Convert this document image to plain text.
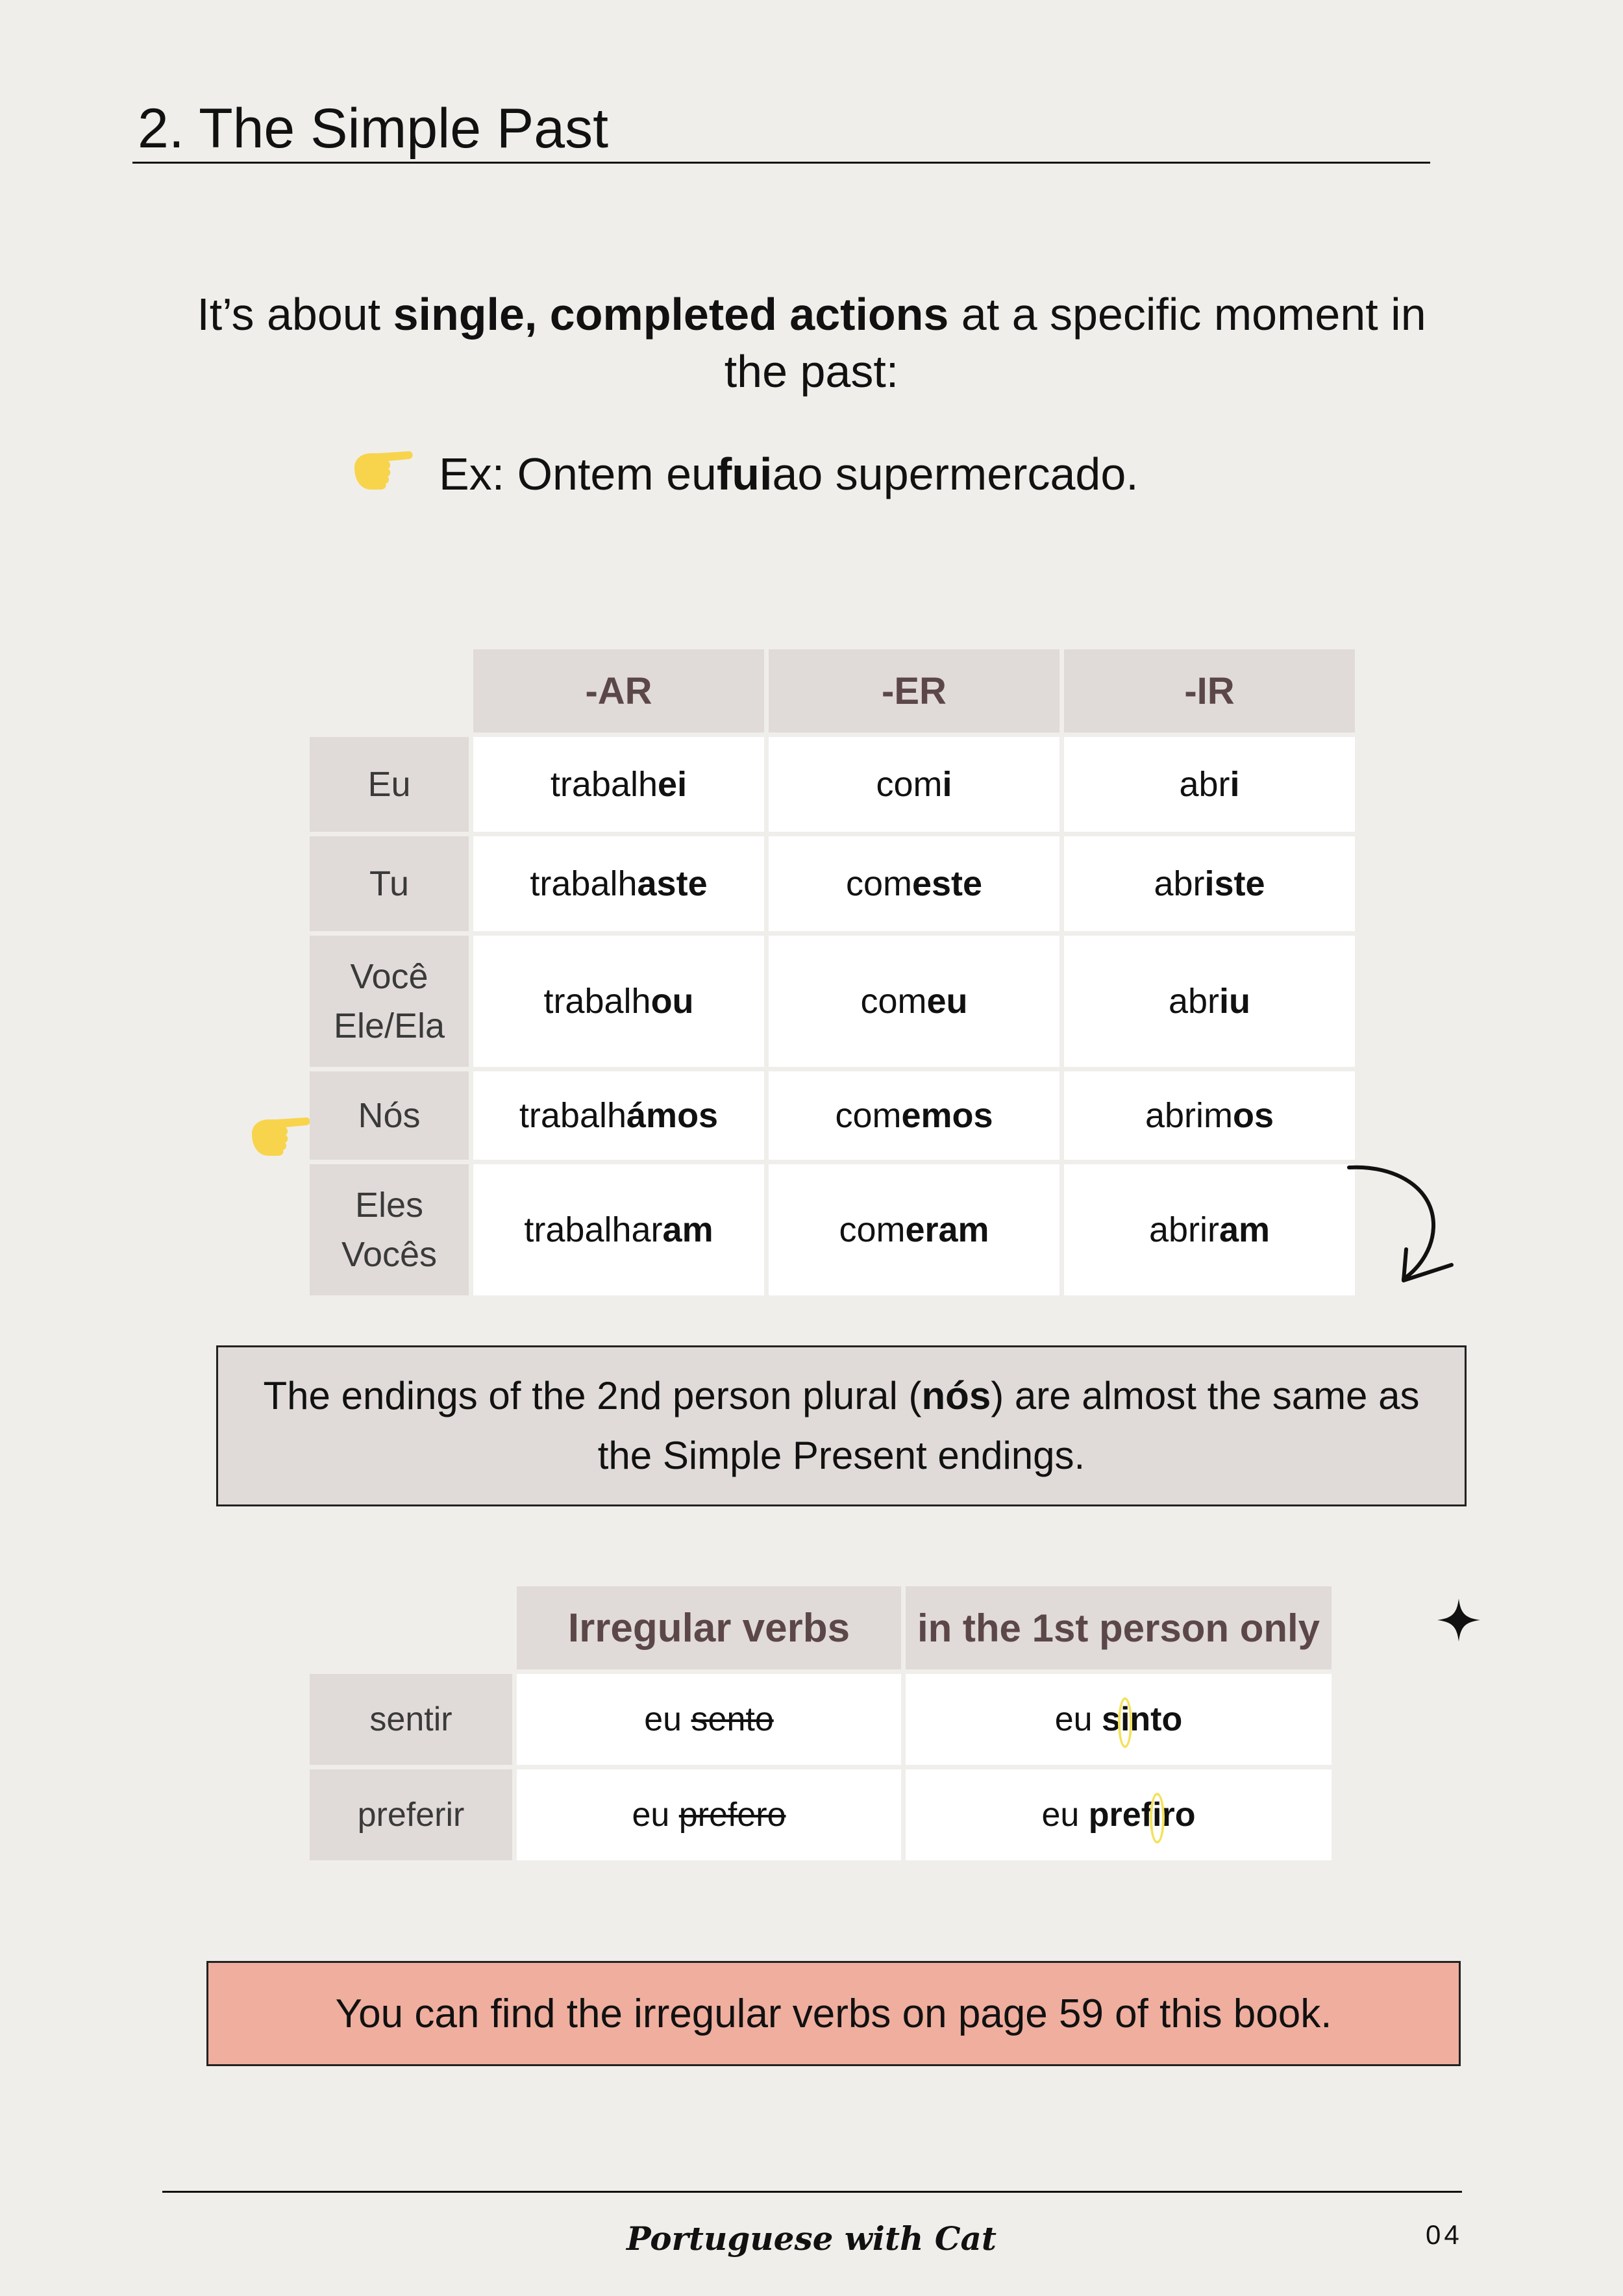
2. The Simple Past

It’s about single, completed actions at a specific moment in the past:

Ex: Ontem eu fui ao supermercado.
	-AR	-ER	-IR
Eu	trabalhei	comi	abri
Tu	trabalhaste	comeste	abriste
Você
Ele/Ela	trabalhou	comeu	abriu
Nós	trabalhámos	comemos	abrimos
Eles
Vocês	trabalharam	comeram	abriram
The endings of the 2nd person plural (nós) are almost the same as the Simple Present endings.
	Irregular verbs	in the 1st person only
sentir	eu sento	eu sinto
preferir	eu prefero	eu prefiro
You can find the irregular verbs on page 59 of this book.
Portuguese with Cat	04
